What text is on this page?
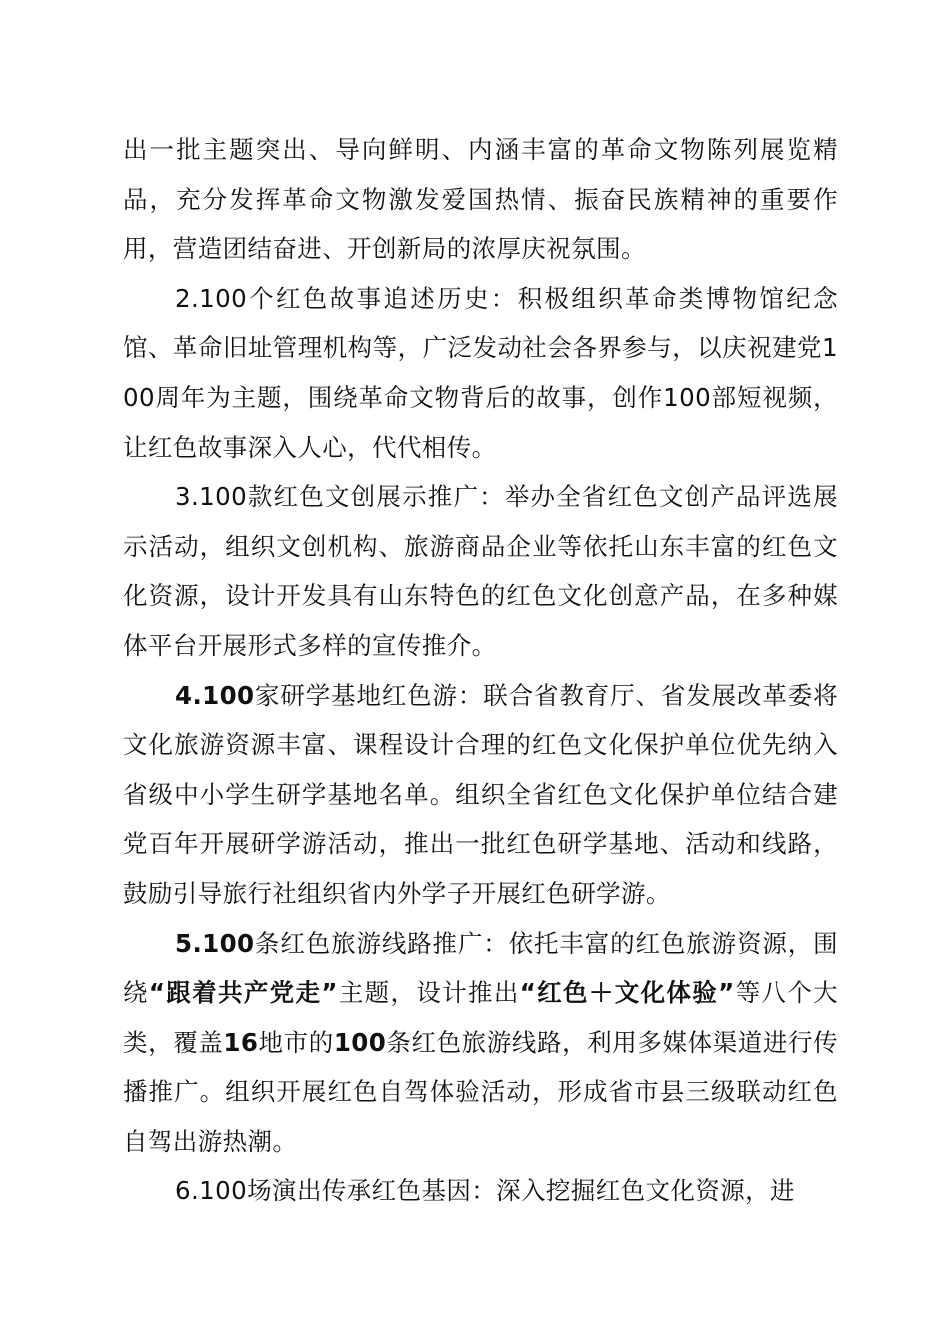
出一批主题突出、导向鲜明、内涵丰富的革命文物陈列展览精品，充分发挥革命文物激发爱国热情、振奋民族精神的重要作用，营造团结奋进、开创新局的浓厚庆祝氛围。

2.100个红色故事追述历史：积极组织革命类博物馆纪念馆、革命旧址管理机构等，广泛发动社会各界参与，以庆祝建党100周年为主题，围绕革命文物背后的故事，创作100部短视频，让红色故事深入人心，代代相传。

3.100款红色文创展示推广：举办全省红色文创产品评选展示活动，组织文创机构、旅游商品企业等依托山东丰富的红色文化资源，设计开发具有山东特色的红色文化创意产品，在多种媒体平台开展形式多样的宣传推介。

4.100家研学基地红色游：联合省教育厅、省发展改革委将文化旅游资源丰富、课程设计合理的红色文化保护单位优先纳入省级中小学生研学基地名单。组织全省红色文化保护单位结合建党百年开展研学游活动，推出一批红色研学基地、活动和线路，鼓励引导旅行社组织省内外学子开展红色研学游。

5.100条红色旅游线路推广：依托丰富的红色旅游资源，围绕“跟着共产党走”主题，设计推出“红色＋文化体验”等八个大类，覆盖16地市的100条红色旅游线路，利用多媒体渠道进行传播推广。组织开展红色自驾体验活动，形成省市县三级联动红色自驾出游热潮。

6.100场演出传承红色基因：深入挖掘红色文化资源，进
